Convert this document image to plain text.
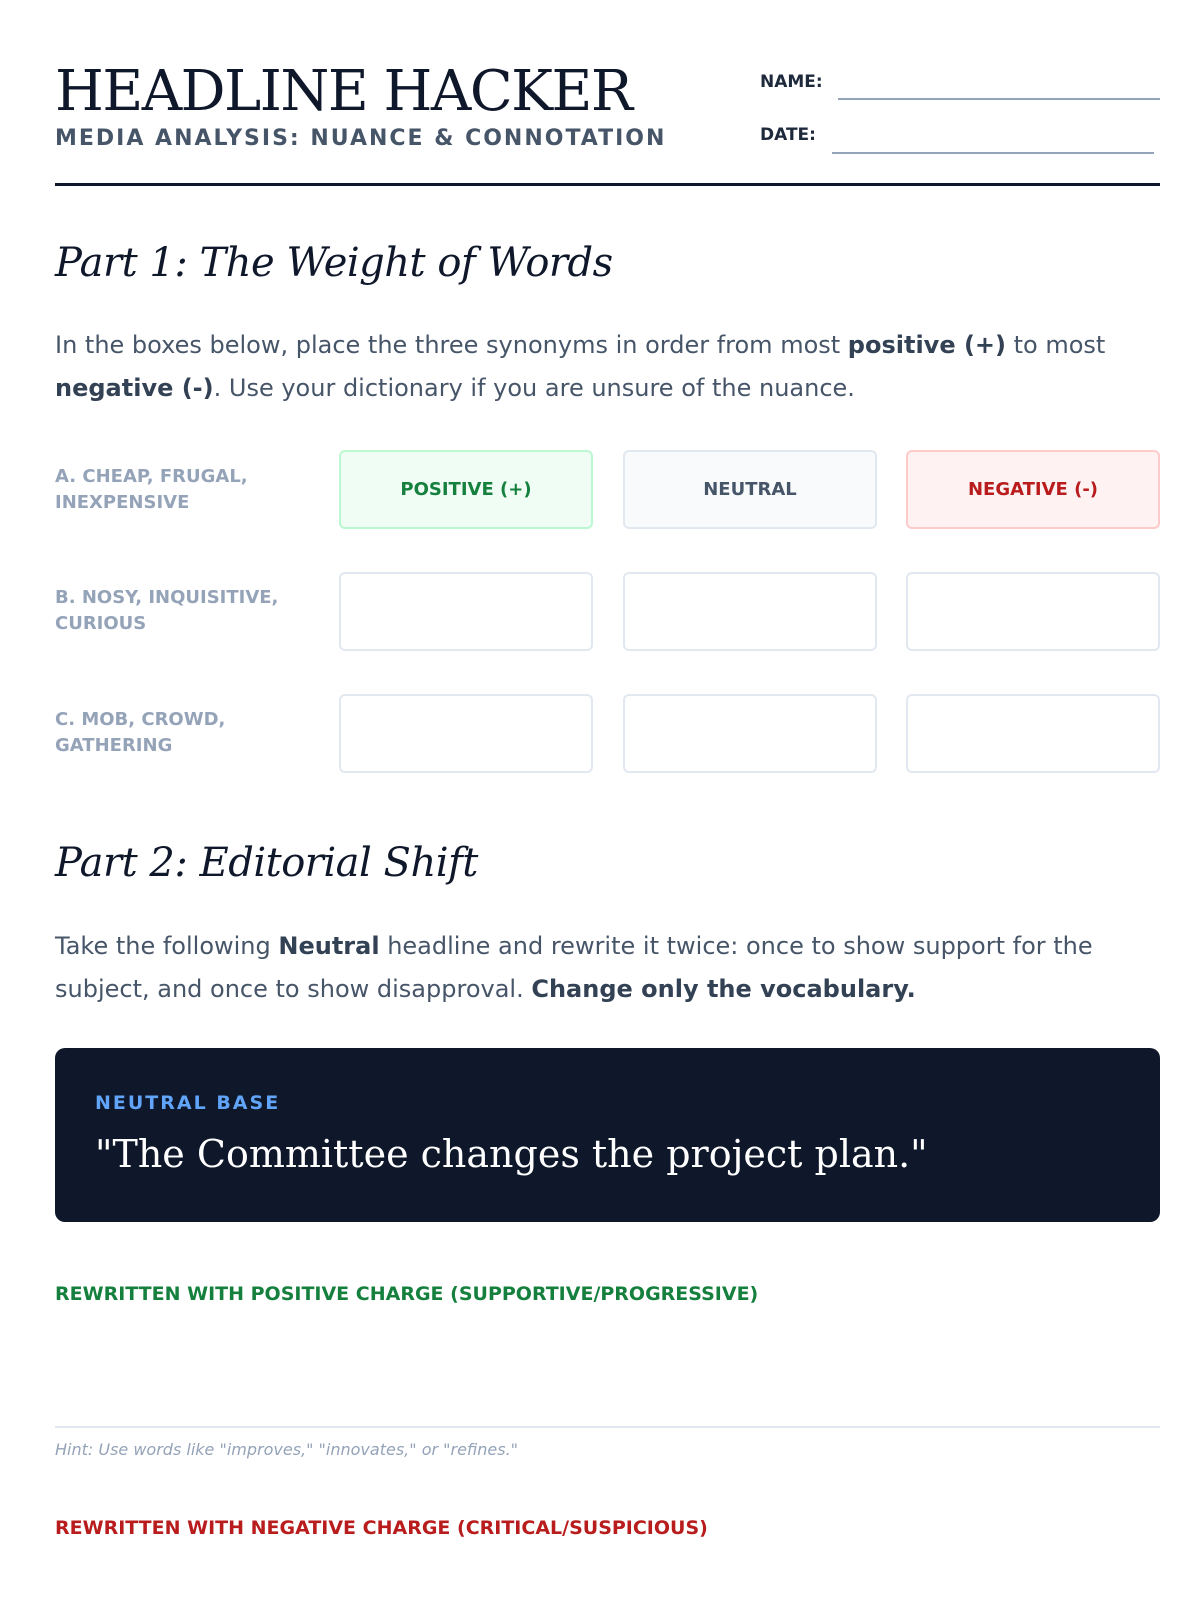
HEADLINE HACKER
MEDIA ANALYSIS: NUANCE & CONNOTATION
NAME:
DATE:
Part 1: The Weight of Words
In the boxes below, place the three synonyms in order from most positive (+) to most negative (-). Use your dictionary if you are unsure of the nuance.
A. CHEAP, FRUGAL, INEXPENSIVE
POSITIVE (+)	NEUTRAL	NEGATIVE (-)
B. NOSY, INQUISITIVE, CURIOUS
C. MOB, CROWD, GATHERING
Part 2: Editorial Shift
Take the following Neutral headline and rewrite it twice: once to show support for the subject, and once to show disapproval. Change only the vocabulary.
NEUTRAL BASE
"The Committee changes the project plan."
REWRITTEN WITH POSITIVE CHARGE (SUPPORTIVE/PROGRESSIVE)
Hint: Use words like "improves," "innovates," or "refines."
REWRITTEN WITH NEGATIVE CHARGE (CRITICAL/SUSPICIOUS)
